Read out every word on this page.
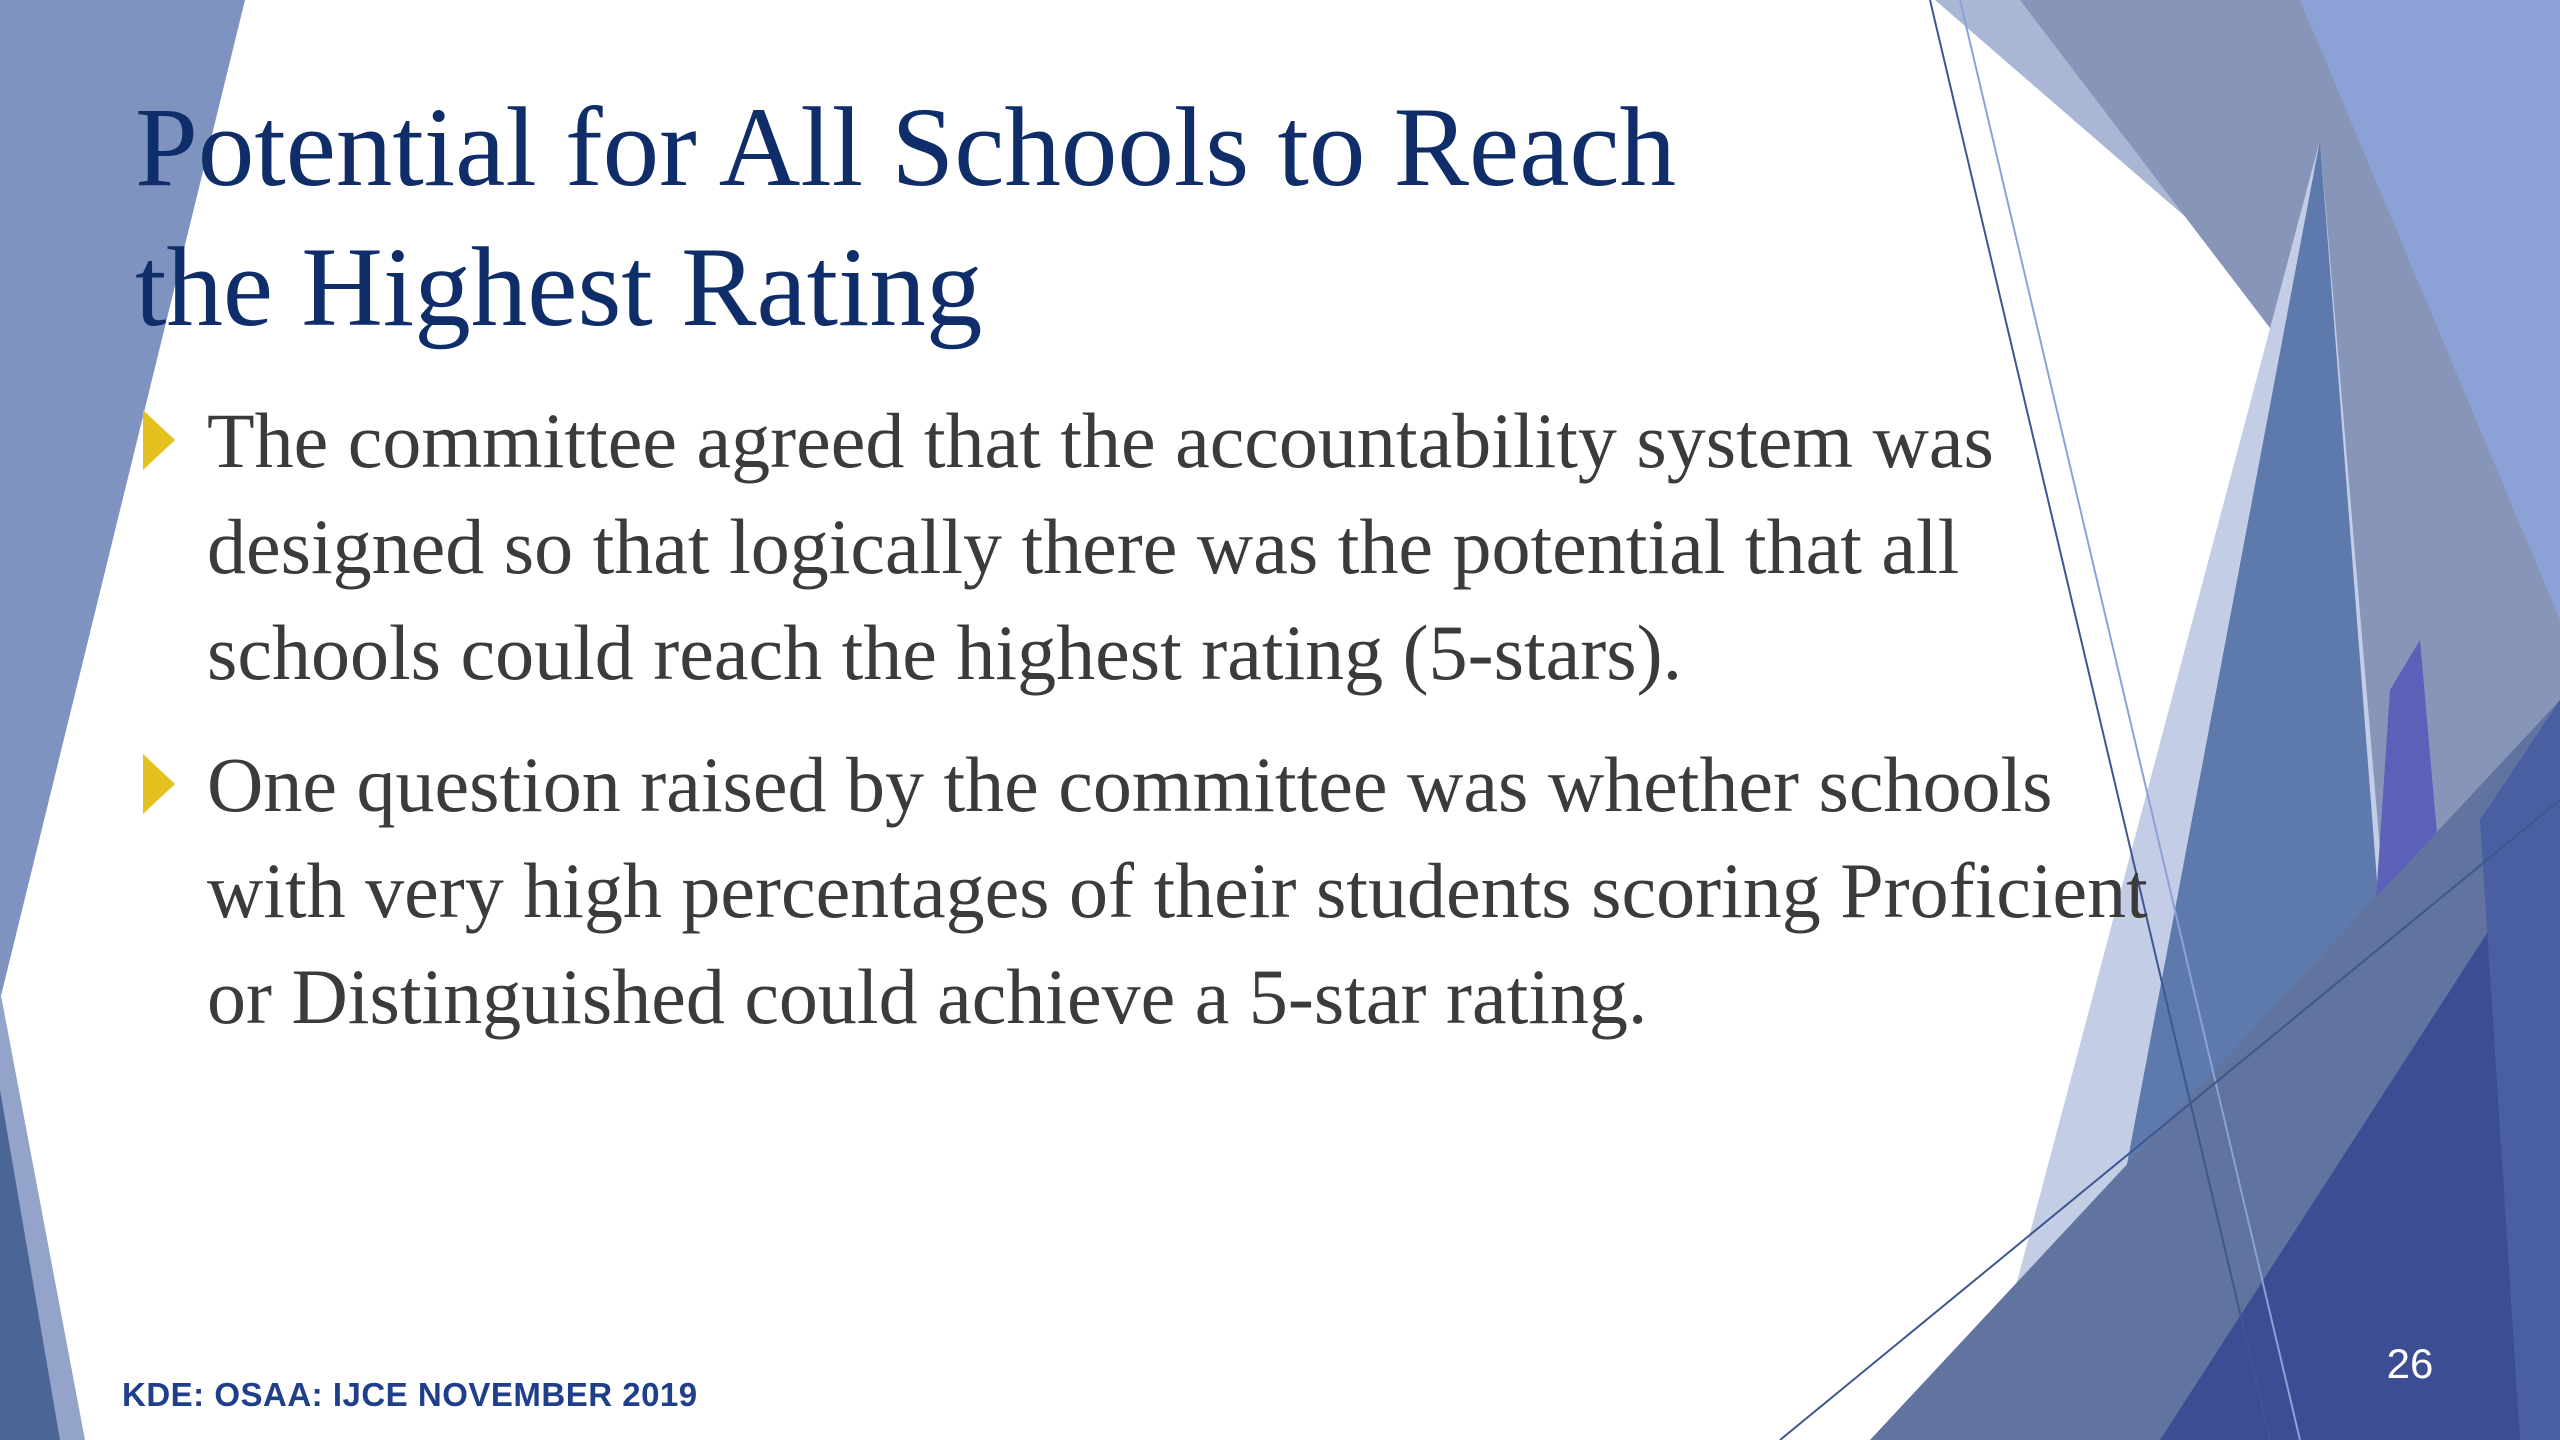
Potential for All Schools to Reach
the Highest Rating
The committee agreed that the accountability system was
designed so that logically there was the potential that all
schools could reach the highest rating (5-stars).
One question raised by the committee was whether schools
with very high percentages of their students scoring Proficient
or Distinguished could achieve a 5-star rating.
KDE: OSAA: IJCE NOVEMBER 2019
26
